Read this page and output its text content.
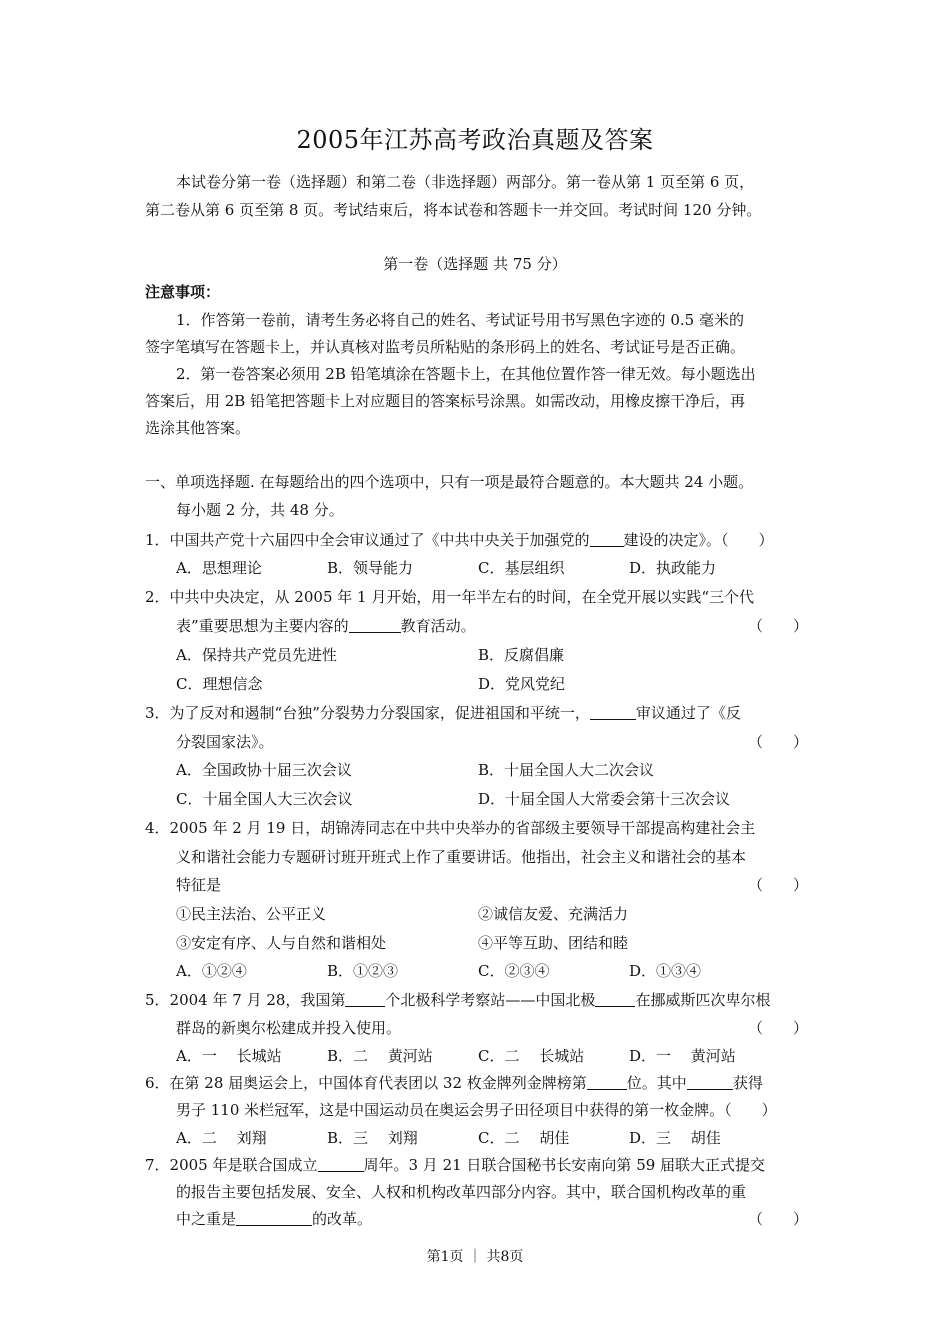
2005年江苏高考政治真题及答案
本试卷分第一卷（选择题）和第二卷（非选择题）两部分。第一卷从第 1 页至第 6 页，
第二卷从第 6 页至第 8 页。考试结束后，将本试卷和答题卡一并交回。考试时间 120 分钟。
第一卷（选择题 共 75 分）
注意事项：
1．作答第一卷前，请考生务必将自己的姓名、考试证号用书写黑色字迹的 0.5 毫米的
签字笔填写在答题卡上，并认真核对监考员所粘贴的条形码上的姓名、考试证号是否正确。
2．第一卷答案必须用 2B 铅笔填涂在答题卡上，在其他位置作答一律无效。每小题选出
答案后，用 2B 铅笔把答题卡上对应题目的答案标号涂黑。如需改动，用橡皮擦干净后，再
选涂其他答案。
一、单项选择题. 在每题给出的四个选项中，只有一项是最符合题意的。本大题共 24 小题。
每小题 2 分，共 48 分。
1．中国共产党十六届四中全会审议通过了《中共中央关于加强党的 建设的决定》。（　　）
A．思想理论	B．领导能力	C．基层组织	D．执政能力
2．中共中央决定，从 2005 年 1 月开始，用一年半左右的时间，在全党开展以实践“三个代
表”重要思想为主要内容的	教育活动。	（　　）
A．保持共产党员先进性	B．反腐倡廉
C．理想信念	D．党风党纪
3．为了反对和遏制“台独”分裂势力分裂国家，促进祖国和平统一，	审议通过了《反
分裂国家法》。	（　　）
A．全国政协十届三次会议	B．十届全国人大二次会议
C．十届全国人大三次会议	D．十届全国人大常委会第十三次会议
4．2005 年 2 月 19 日，胡锦涛同志在中共中央举办的省部级主要领导干部提高构建社会主
义和谐社会能力专题研讨班开班式上作了重要讲话。他指出，社会主义和谐社会的基本
特征是	（　　）
①民主法治、公平正义	②诚信友爱、充满活力
③安定有序、人与自然和谐相处	④平等互助、团结和睦
A．①②④	B．①②③	C．②③④	D．①③④
5．2004 年 7 月 28，我国第	个北极科学考察站——中国北极	在挪威斯匹次卑尔根
群岛的新奥尔松建成并投入使用。	（　　）
A．一　 长城站	B．二　 黄河站	C．二　 长城站	D．一　 黄河站
6．在第 28 届奥运会上，中国体育代表团以 32 枚金牌列金牌榜第	位。其中	获得
男子 110 米栏冠军，这是中国运动员在奥运会男子田径项目中获得的第一枚金牌。（　　）
A．二　 刘翔	B．三　 刘翔	C．二　 胡佳	D．三　 胡佳
7．2005 年是联合国成立	周年。3 月 21 日联合国秘书长安南向第 59 届联大正式提交
的报告主要包括发展、安全、人权和机构改革四部分内容。其中，联合国机构改革的重
中之重是	的改革。	（　　）
第1页 ｜ 共8页
